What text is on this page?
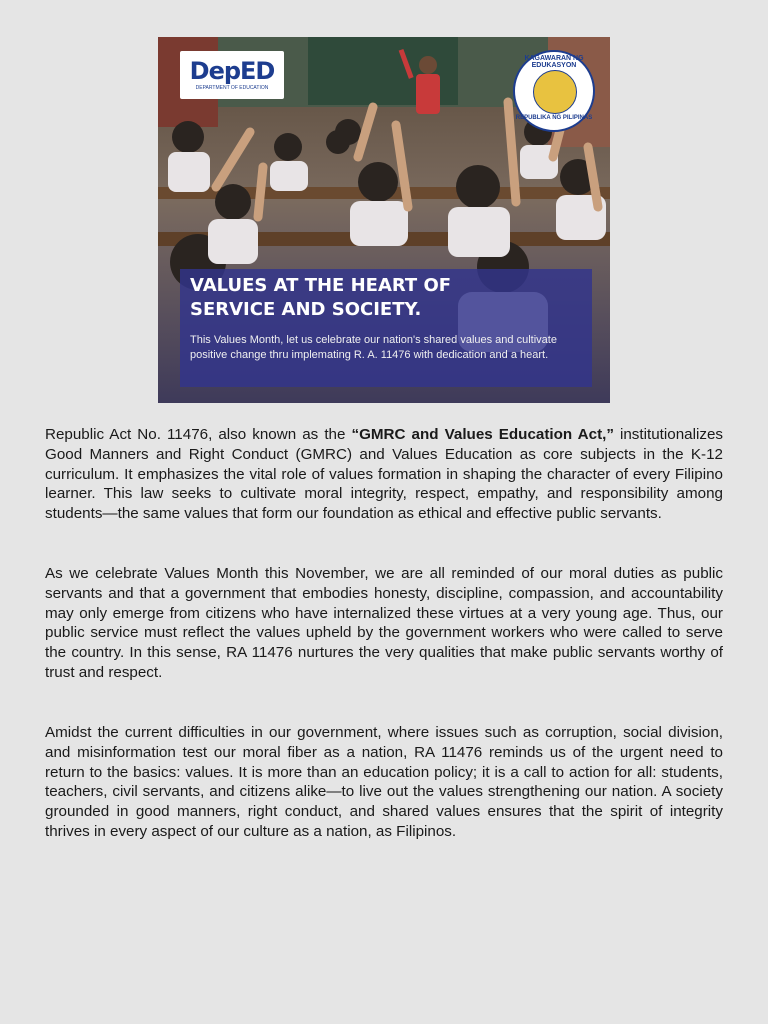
DepED
DEPARTMENT OF EDUCATION
KAGAWARAN NG EDUKASYON
REPUBLIKA NG PILIPINAS
VALUES AT THE HEART OF
SERVICE AND SOCIETY.

This Values Month, let us celebrate our nation's shared values and cultivate positive change thru implemating R. A. 11476 with dedication and a heart.

Republic Act No. 11476, also known as the “GMRC and Values Education Act,” institutionalizes Good Manners and Right Conduct (GMRC) and Values Education as core subjects in the K-12 curriculum. It emphasizes the vital role of values formation in shaping the character of every Filipino learner. This law seeks to cultivate moral integrity, respect, empathy, and responsibility among students—the same values that form our foundation as ethical and effective public servants.

As we celebrate Values Month this November, we are all reminded of our moral duties as public servants and that a government that embodies honesty, discipline, compassion, and accountability may only emerge from citizens who have internalized these virtues at a very young age. Thus, our public service must reflect the values upheld by the government workers who were called to serve the country. In this sense, RA 11476 nurtures the very qualities that make public servants worthy of trust and respect.

Amidst the current difficulties in our government, where issues such as corruption, social division, and misinformation test our moral fiber as a nation, RA 11476 reminds us of the urgent need to return to the basics: values. It is more than an education policy; it is a call to action for all: students, teachers, civil servants, and citizens alike—to live out the values strengthening our nation. A society grounded in good manners, right conduct, and shared values ensures that the spirit of integrity thrives in every aspect of our culture as a nation, as Filipinos.
